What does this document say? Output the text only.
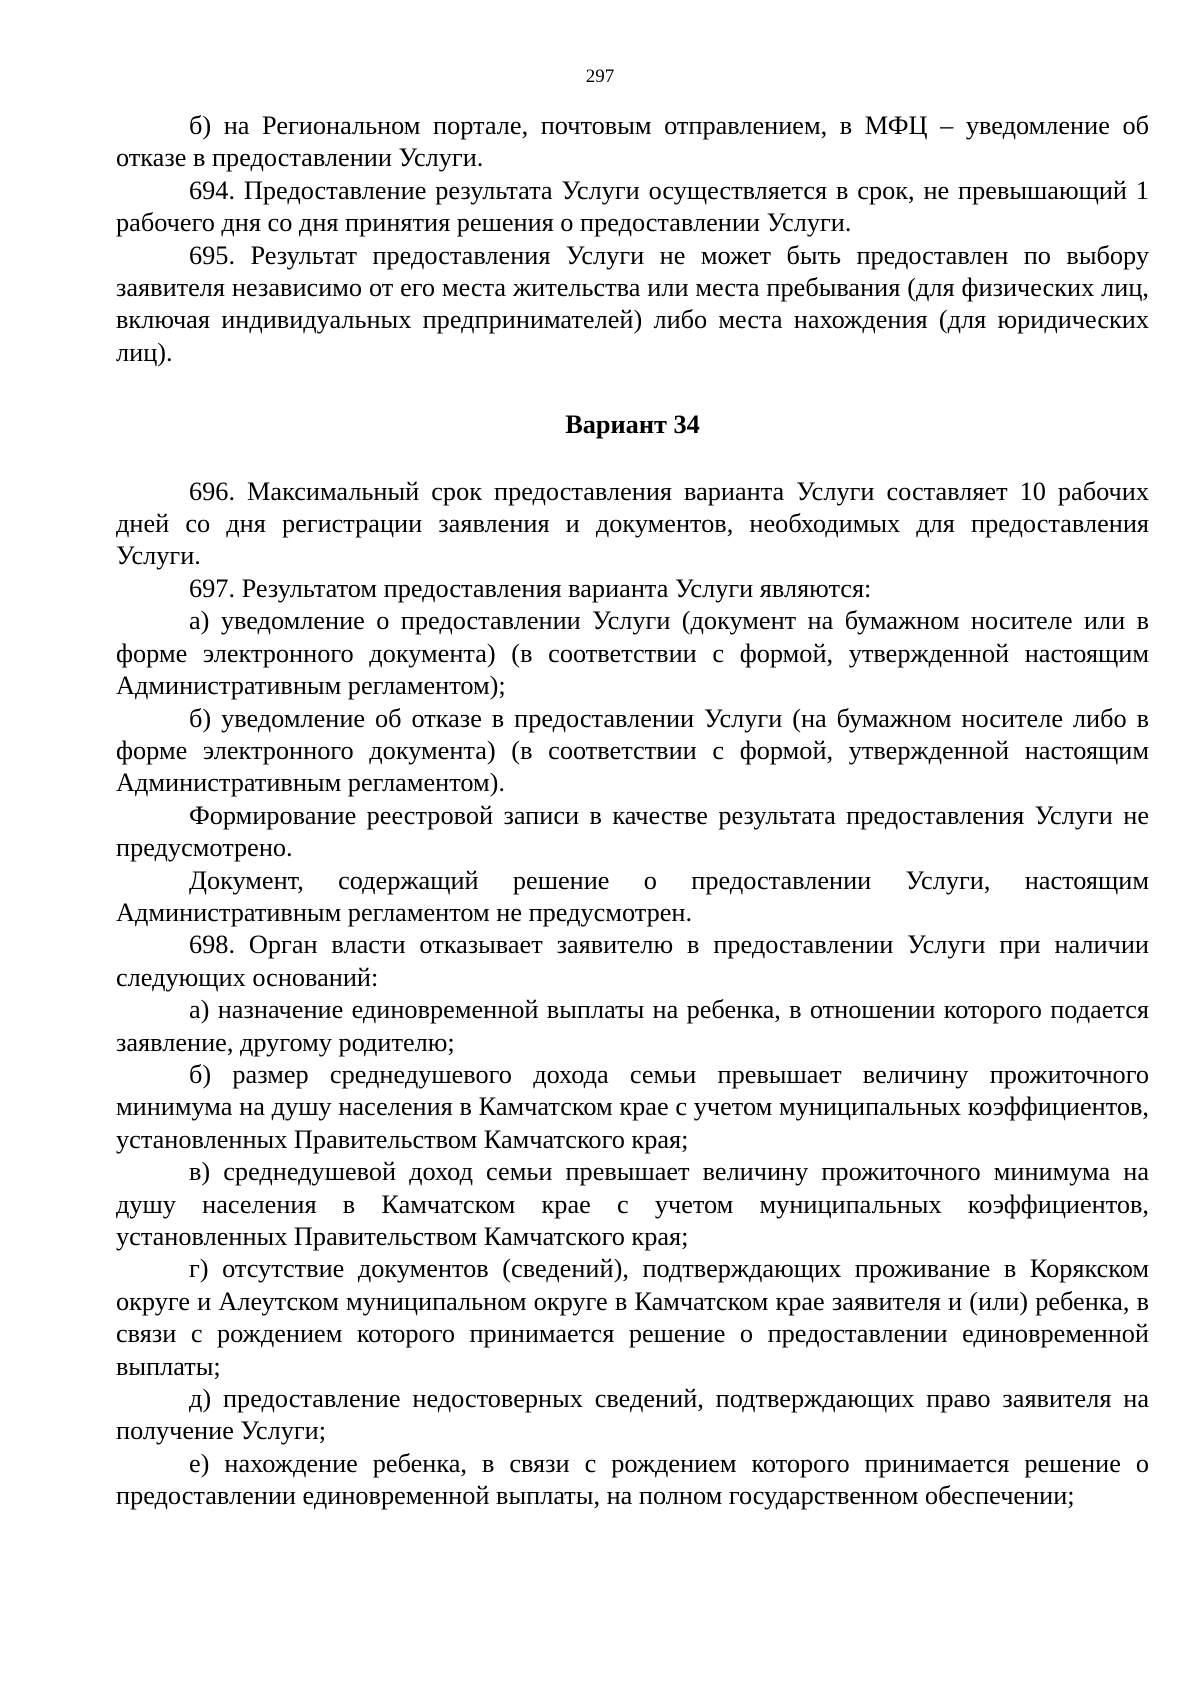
297

б) на Региональном портале, почтовым отправлением, в МФЦ – уведомление об отказе в предоставлении Услуги.

694. Предоставление результата Услуги осуществляется в срок, не превышающий 1 рабочего дня со дня принятия решения о предоставлении Услуги.

695. Результат предоставления Услуги не может быть предоставлен по выбору заявителя независимо от его места жительства или места пребывания (для физических лиц, включая индивидуальных предпринимателей) либо места нахождения (для юридических лиц).

Вариант 34

696. Максимальный срок предоставления варианта Услуги составляет 10 рабочих дней со дня регистрации заявления и документов, необходимых для предоставления Услуги.

697. Результатом предоставления варианта Услуги являются:

а) уведомление о предоставлении Услуги (документ на бумажном носителе или в форме электронного документа) (в соответствии с формой, утвержденной настоящим Административным регламентом);

б) уведомление об отказе в предоставлении Услуги (на бумажном носителе либо в форме электронного документа) (в соответствии с формой, утвержденной настоящим Административным регламентом).

Формирование реестровой записи в качестве результата предоставления Услуги не предусмотрено.

Документ, содержащий решение о предоставлении Услуги, настоящим Административным регламентом не предусмотрен.

698. Орган власти отказывает заявителю в предоставлении Услуги при наличии следующих оснований:

а) назначение единовременной выплаты на ребенка, в отношении которого подается заявление, другому родителю;

б) размер среднедушевого дохода семьи превышает величину прожиточного минимума на душу населения в Камчатском крае с учетом муниципальных коэффициентов, установленных Правительством Камчатского края;

в) среднедушевой доход семьи превышает величину прожиточного минимума на душу населения в Камчатском крае с учетом муниципальных коэффициентов, установленных Правительством Камчатского края;

г) отсутствие документов (сведений), подтверждающих проживание в Корякском округе и Алеутском муниципальном округе в Камчатском крае заявителя и (или) ребенка, в связи с рождением которого принимается решение о предоставлении единовременной выплаты;

д) предоставление недостоверных сведений, подтверждающих право заявителя на получение Услуги;

е) нахождение ребенка, в связи с рождением которого принимается решение о предоставлении единовременной выплаты, на полном государственном обеспечении;
